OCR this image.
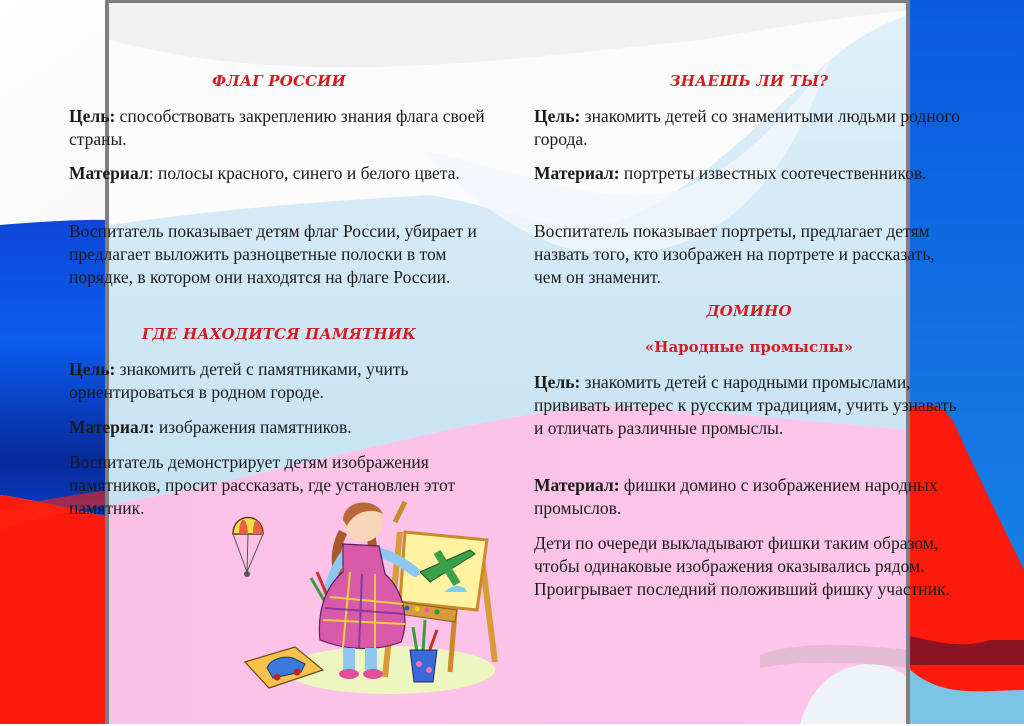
ФЛАГ РОССИИ
Цель: способствовать закреплению знания флага своей страны.
Материал: полосы красного, синего и белого цвета.
Воспитатель показывает детям флаг России, убирает и предлагает выложить разноцветные полоски в том порядке, в котором они находятся на флаге России.
ГДЕ НАХОДИТСЯ ПАМЯТНИК
Цель: знакомить детей с памятниками, учить ориентироваться в родном городе.
Материал: изображения памятников.
Воспитатель демонстрирует детям изображения памятников, просит рассказать, где установлен этот памятник.
ЗНАЕШЬ ЛИ ТЫ?
Цель: знакомить детей со знаменитыми людьми родного города.
Материал: портреты известных соотечественников.
Воспитатель показывает портреты, предлагает детям назвать того, кто изображен на портрете и рассказать, чем он знаменит.
ДОМИНО
«Народные промыслы»
Цель: знакомить детей с народными промыслами, прививать интерес к русским традициям, учить узнавать и отличать различные промыслы.
Материал: фишки домино с изображением народных промыслов.
Дети по очереди выкладывают фишки таким образом, чтобы одинаковые изображения оказывались рядом. Проигрывает последний положивший фишку участник.
